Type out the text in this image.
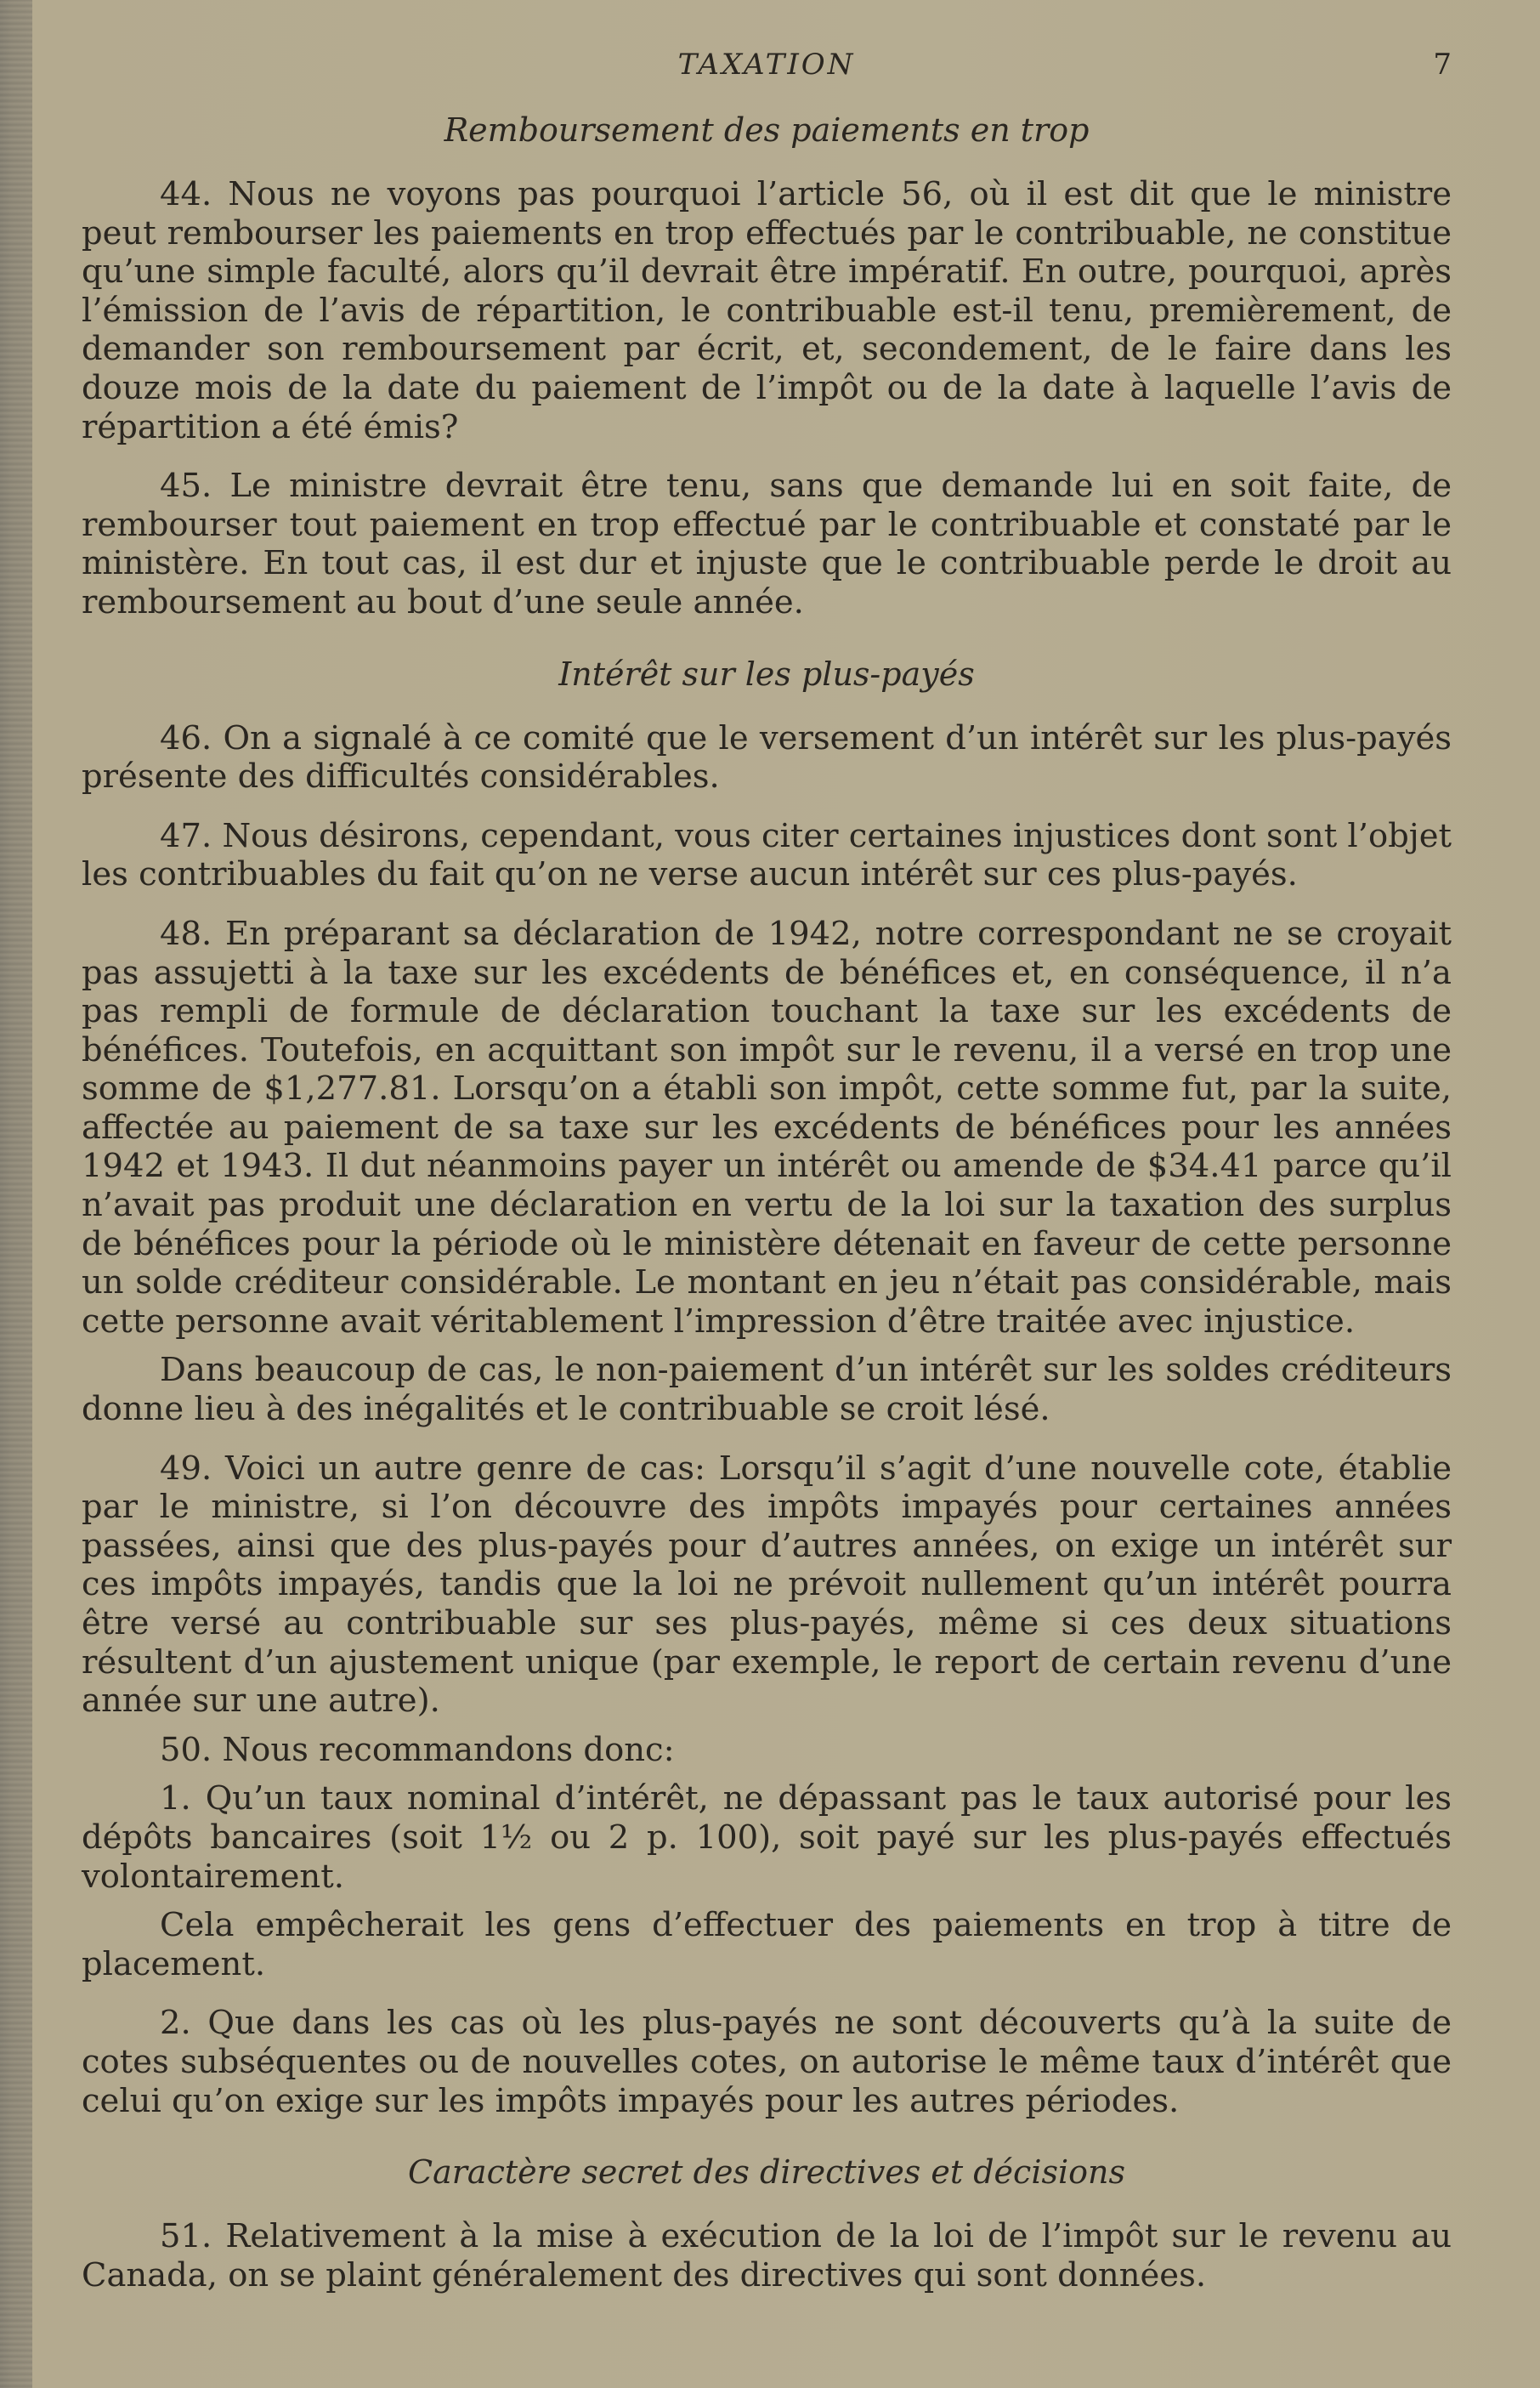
TAXATION	7
Remboursement des paiements en trop

44. Nous ne voyons pas pourquoi l’article 56, où il est dit que le ministre peut rembourser les paiements en trop effectués par le contribuable, ne constitue qu’une simple faculté, alors qu’il devrait être impératif. En outre, pourquoi, après l’émission de l’avis de répartition, le contribuable est-il tenu, premièrement, de demander son remboursement par écrit, et, secondement, de le faire dans les douze mois de la date du paiement de l’impôt ou de la date à laquelle l’avis de répartition a été émis?

45. Le ministre devrait être tenu, sans que demande lui en soit faite, de rembourser tout paiement en trop effectué par le contribuable et constaté par le ministère. En tout cas, il est dur et injuste que le contribuable perde le droit au remboursement au bout d’une seule année.

Intérêt sur les plus-payés

46. On a signalé à ce comité que le versement d’un intérêt sur les plus-payés présente des difficultés considérables.

47. Nous désirons, cependant, vous citer certaines injustices dont sont l’objet les contribuables du fait qu’on ne verse aucun intérêt sur ces plus-payés.

48. En préparant sa déclaration de 1942, notre correspondant ne se croyait pas assujetti à la taxe sur les excédents de bénéfices et, en conséquence, il n’a pas rempli de formule de déclaration touchant la taxe sur les excédents de bénéfices. Toutefois, en acquittant son impôt sur le revenu, il a versé en trop une somme de $1,277.81. Lorsqu’on a établi son impôt, cette somme fut, par la suite, affectée au paiement de sa taxe sur les excédents de bénéfices pour les années 1942 et 1943. Il dut néanmoins payer un intérêt ou amende de $34.41 parce qu’il n’avait pas produit une déclaration en vertu de la loi sur la taxation des surplus de bénéfices pour la période où le ministère détenait en faveur de cette personne un solde créditeur considérable. Le montant en jeu n’était pas considérable, mais cette personne avait véritablement l’impression d’être traitée avec injustice.

Dans beaucoup de cas, le non-paiement d’un intérêt sur les soldes créditeurs donne lieu à des inégalités et le contribuable se croit lésé.

49. Voici un autre genre de cas: Lorsqu’il s’agit d’une nouvelle cote, établie par le ministre, si l’on découvre des impôts impayés pour certaines années passées, ainsi que des plus-payés pour d’autres années, on exige un intérêt sur ces impôts impayés, tandis que la loi ne prévoit nullement qu’un intérêt pourra être versé au contribuable sur ses plus-payés, même si ces deux situations résultent d’un ajustement unique (par exemple, le report de certain revenu d’une année sur une autre).

50. Nous recommandons donc:

1. Qu’un taux nominal d’intérêt, ne dépassant pas le taux autorisé pour les dépôts bancaires (soit 1½ ou 2 p. 100), soit payé sur les plus-payés effectués volontairement.

Cela empêcherait les gens d’effectuer des paiements en trop à titre de placement.

2. Que dans les cas où les plus-payés ne sont découverts qu’à la suite de cotes subséquentes ou de nouvelles cotes, on autorise le même taux d’intérêt que celui qu’on exige sur les impôts impayés pour les autres périodes.

Caractère secret des directives et décisions

51. Relativement à la mise à exécution de la loi de l’impôt sur le revenu au Canada, on se plaint généralement des directives qui sont données.
